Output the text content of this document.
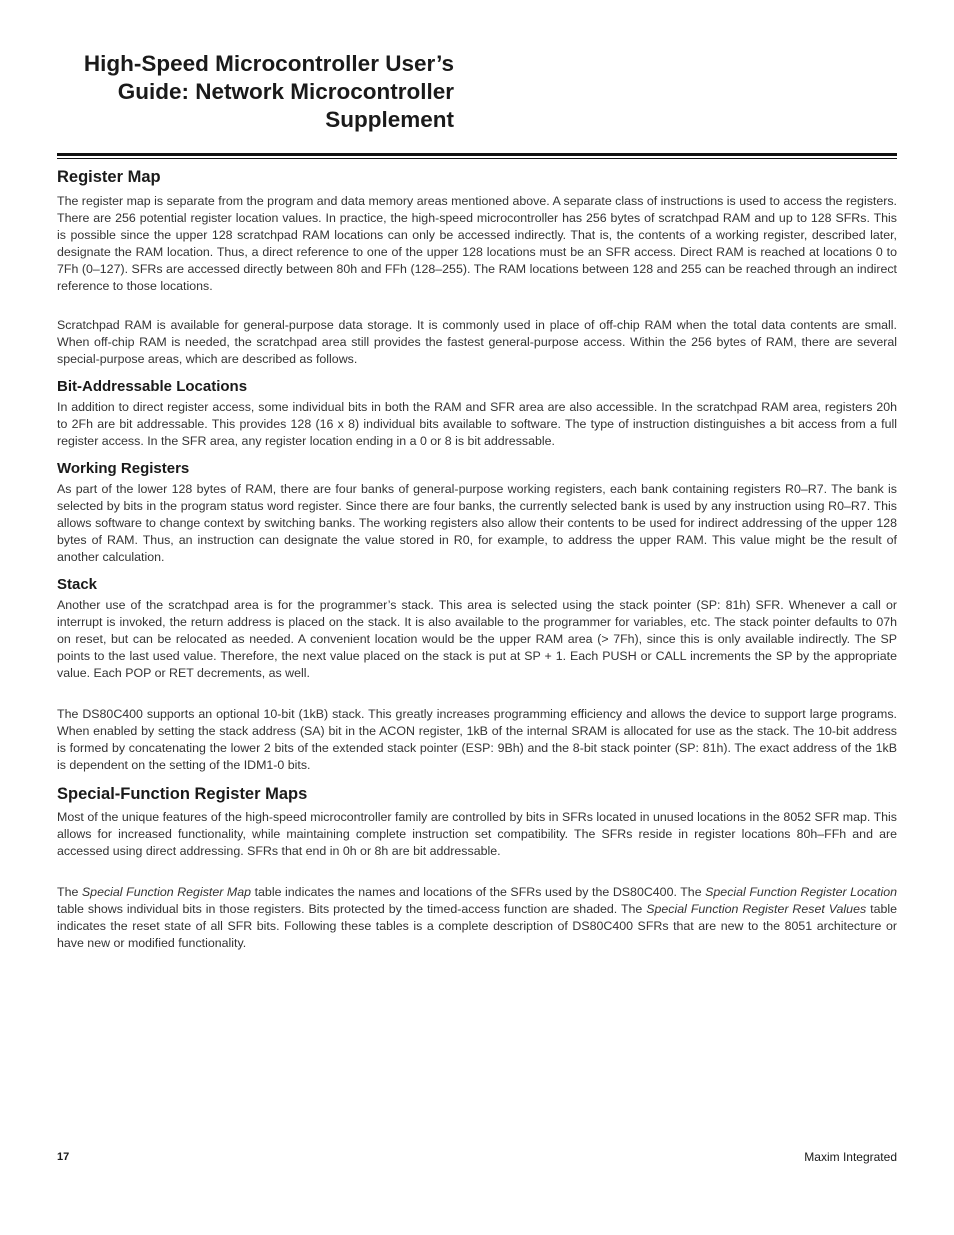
High-Speed Microcontroller User’s
Guide: Network Microcontroller
Supplement
Register Map

The register map is separate from the program and data memory areas mentioned above. A separate class of instructions is used to access the registers. There are 256 potential register location values. In practice, the high-speed microcontroller has 256 bytes of scratchpad RAM and up to 128 SFRs. This is possible since the upper 128 scratchpad RAM locations can only be accessed indirectly. That is, the contents of a working register, described later, designate the RAM location. Thus, a direct reference to one of the upper 128 locations must be an SFR access. Direct RAM is reached at locations 0 to 7Fh (0–127). SFRs are accessed directly between 80h and FFh (128–255). The RAM locations between 128 and 255 can be reached through an indirect reference to those locations.

Scratchpad RAM is available for general-purpose data storage. It is commonly used in place of off-chip RAM when the total data contents are small. When off-chip RAM is needed, the scratchpad area still provides the fastest general-purpose access. Within the 256 bytes of RAM, there are several special-purpose areas, which are described as follows.

Bit-Addressable Locations

In addition to direct register access, some individual bits in both the RAM and SFR area are also accessible. In the scratchpad RAM area, registers 20h to 2Fh are bit addressable. This provides 128 (16 x 8) individual bits available to software. The type of instruction distinguishes a bit access from a full register access. In the SFR area, any register location ending in a 0 or 8 is bit addressable.

Working Registers

As part of the lower 128 bytes of RAM, there are four banks of general-purpose working registers, each bank containing registers R0–R7. The bank is selected by bits in the program status word register. Since there are four banks, the currently selected bank is used by any instruction using R0–R7. This allows software to change context by switching banks. The working registers also allow their contents to be used for indirect addressing of the upper 128 bytes of RAM. Thus, an instruction can designate the value stored in R0, for example, to address the upper RAM. This value might be the result of another calculation.

Stack

Another use of the scratchpad area is for the programmer’s stack. This area is selected using the stack pointer (SP: 81h) SFR. Whenever a call or interrupt is invoked, the return address is placed on the stack. It is also available to the programmer for variables, etc. The stack pointer defaults to 07h on reset, but can be relocated as needed. A convenient location would be the upper RAM area (> 7Fh), since this is only available indirectly. The SP points to the last used value. Therefore, the next value placed on the stack is put at SP + 1. Each PUSH or CALL increments the SP by the appropriate value. Each POP or RET decrements, as well.

The DS80C400 supports an optional 10-bit (1kB) stack. This greatly increases programming efficiency and allows the device to support large programs. When enabled by setting the stack address (SA) bit in the ACON register, 1kB of the internal SRAM is allocated for use as the stack. The 10-bit address is formed by concatenating the lower 2 bits of the extended stack pointer (ESP: 9Bh) and the 8-bit stack pointer (SP: 81h). The exact address of the 1kB is dependent on the setting of the IDM1-0 bits.

Special-Function Register Maps

Most of the unique features of the high-speed microcontroller family are controlled by bits in SFRs located in unused locations in the 8052 SFR map. This allows for increased functionality, while maintaining complete instruction set compatibility. The SFRs reside in register locations 80h–FFh and are accessed using direct addressing. SFRs that end in 0h or 8h are bit addressable.

The Special Function Register Map table indicates the names and locations of the SFRs used by the DS80C400. The Special Function Register Location table shows individual bits in those registers. Bits protected by the timed-access function are shaded. The Special Function Register Reset Values table indicates the reset state of all SFR bits. Following these tables is a complete description of DS80C400 SFRs that are new to the 8051 architecture or have new or modified functionality.

17	Maxim Integrated
